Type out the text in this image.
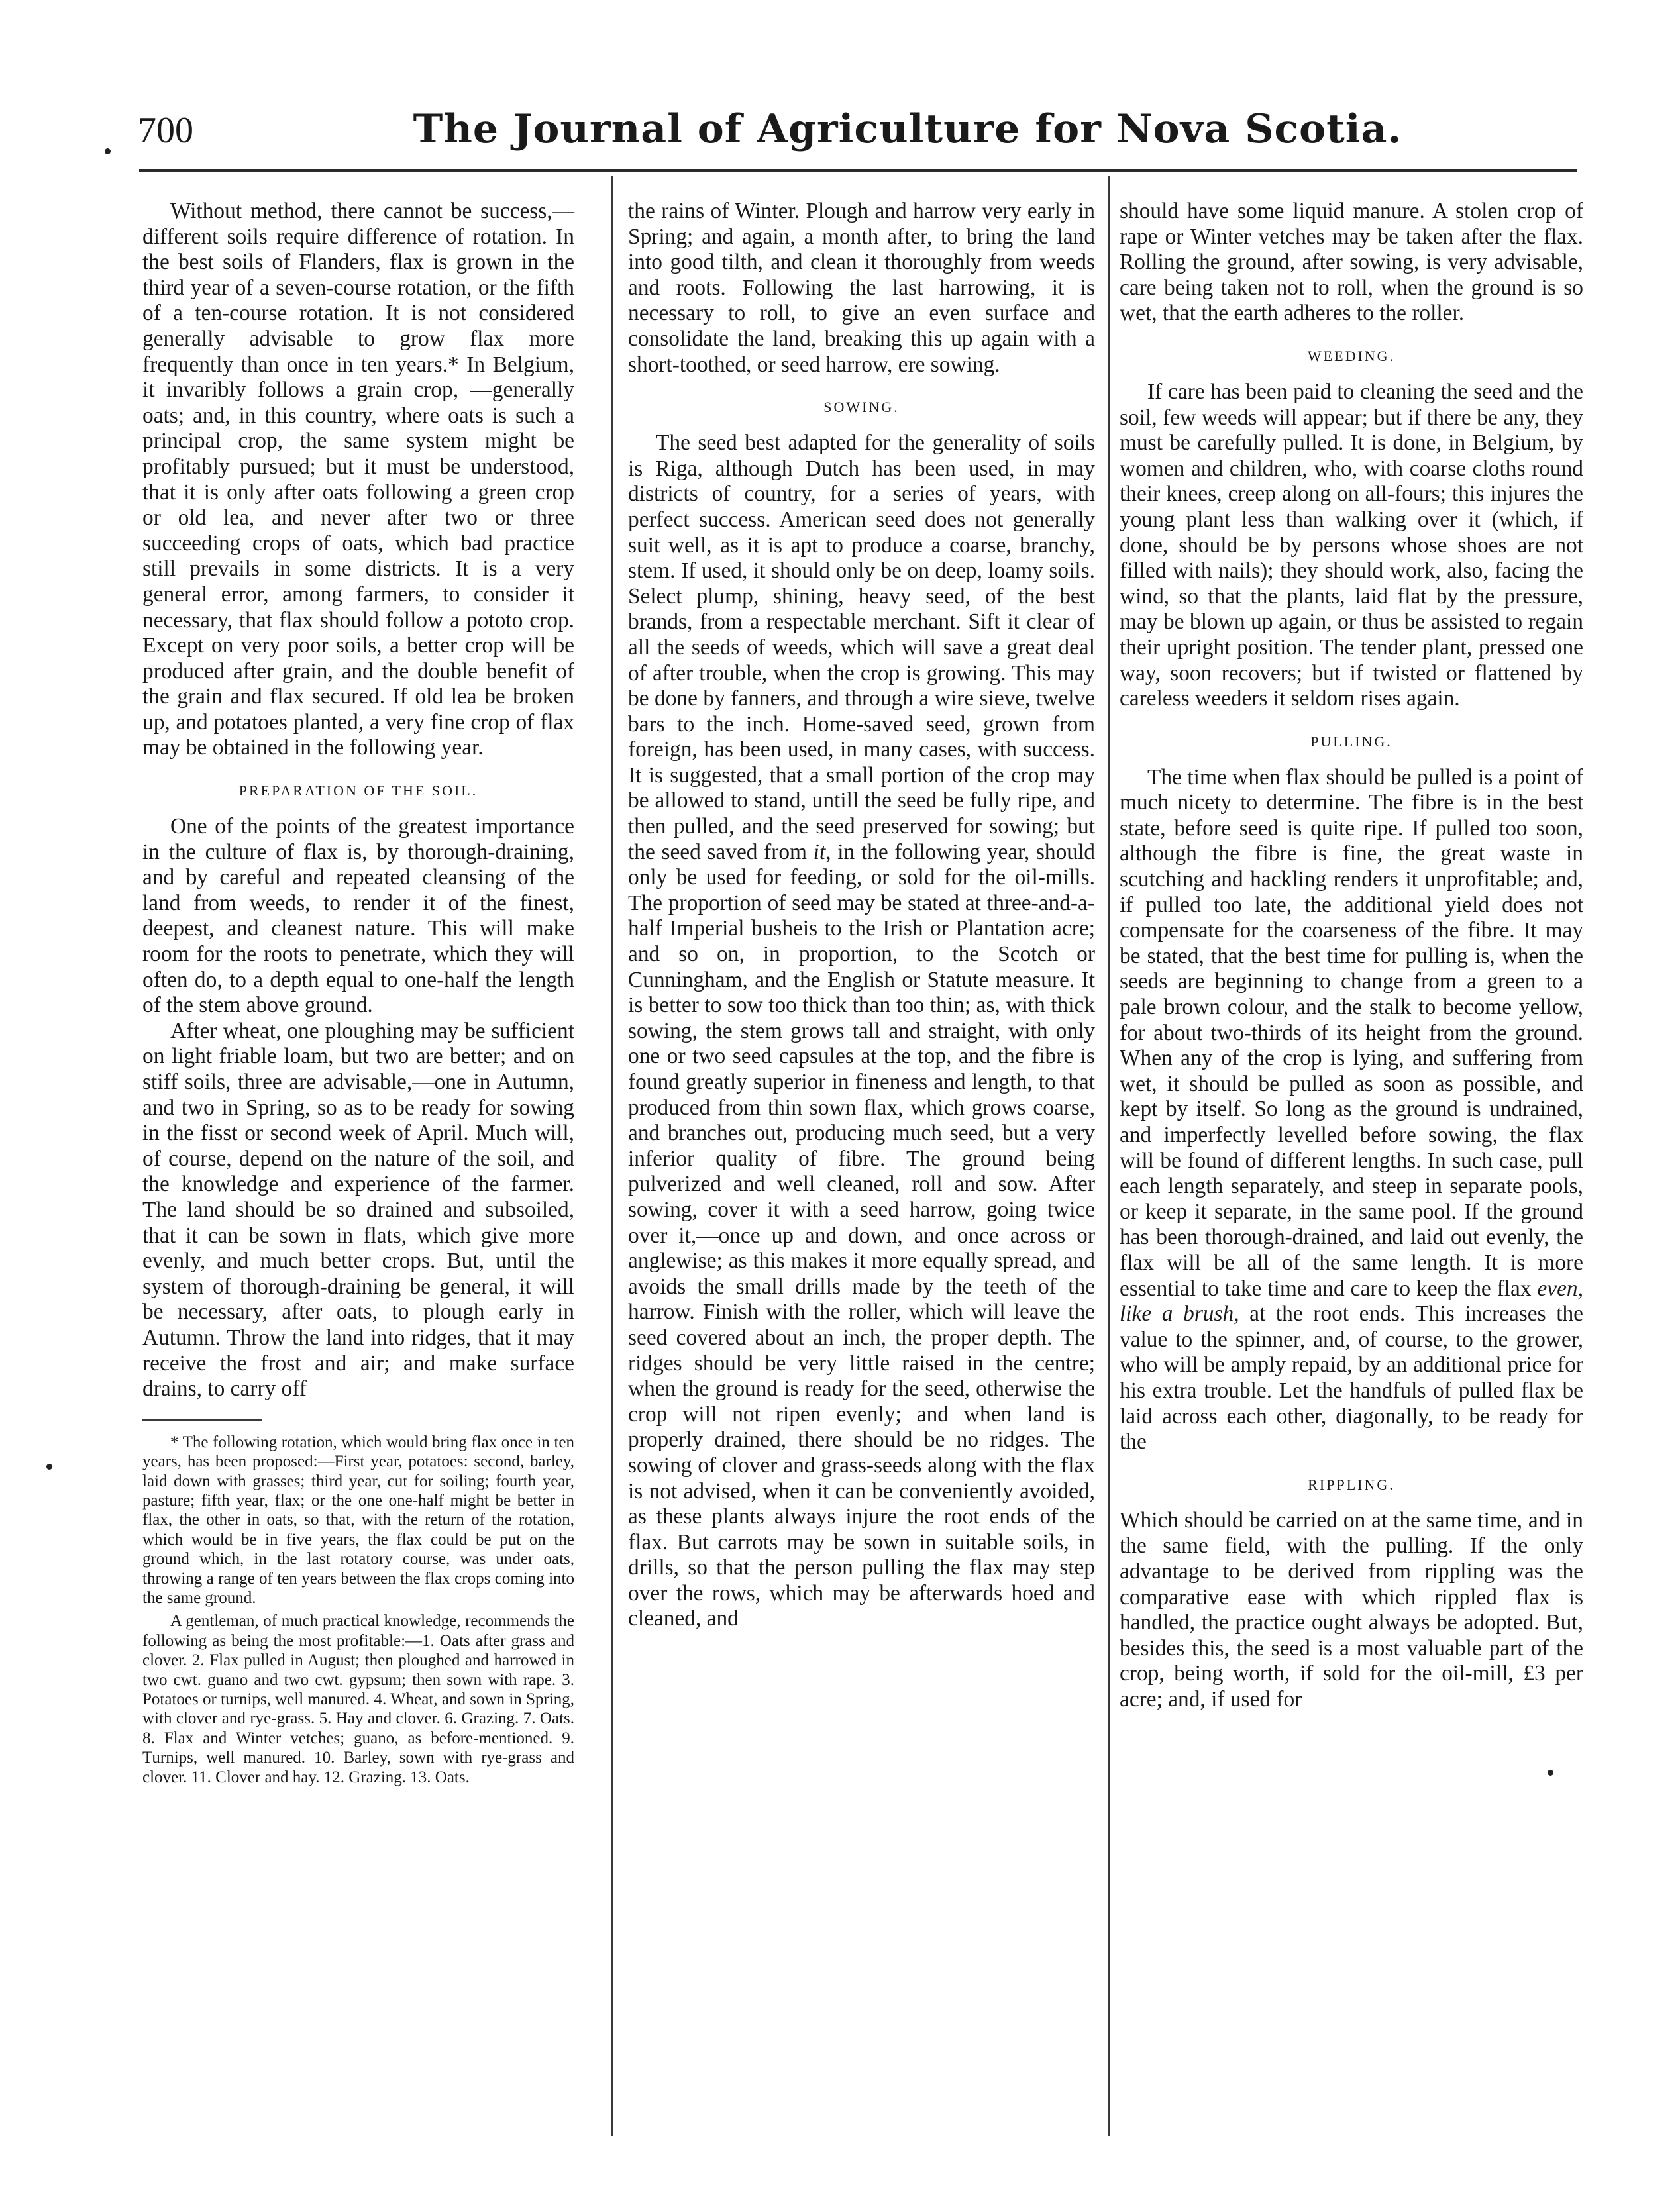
700	The Journal of Agriculture for Nova Scotia.

Without method, there cannot be success,—different soils require difference of rotation. In the best soils of Flanders, flax is grown in the third year of a seven-course rotation, or the fifth of a ten-course rotation. It is not considered generally advisable to grow flax more frequently than once in ten years.* In Belgium, it invaribly follows a grain crop, —generally oats; and, in this country, where oats is such a principal crop, the same system might be profitably pursued; but it must be understood, that it is only after oats following a green crop or old lea, and never after two or three succeeding crops of oats, which bad practice still prevails in some districts. It is a very general error, among farmers, to consider it necessary, that flax should follow a pototo crop. Except on very poor soils, a better crop will be produced after grain, and the double benefit of the grain and flax secured. If old lea be broken up, and potatoes planted, a very fine crop of flax may be obtained in the following year.

PREPARATION OF THE SOIL.

One of the points of the greatest importance in the culture of flax is, by thorough-draining, and by careful and repeated cleansing of the land from weeds, to render it of the finest, deepest, and cleanest nature. This will make room for the roots to penetrate, which they will often do, to a depth equal to one-half the length of the stem above ground.

After wheat, one ploughing may be sufficient on light friable loam, but two are better; and on stiff soils, three are advisable,—one in Autumn, and two in Spring, so as to be ready for sowing in the fisst or second week of April. Much will, of course, depend on the nature of the soil, and the knowledge and experience of the farmer. The land should be so drained and subsoiled, that it can be sown in flats, which give more evenly, and much better crops. But, until the system of thorough-draining be general, it will be necessary, after oats, to plough early in Autumn. Throw the land into ridges, that it may receive the frost and air; and make surface drains, to carry off

* The following rotation, which would bring flax once in ten years, has been proposed:—First year, potatoes: second, barley, laid down with grasses; third year, cut for soiling; fourth year, pasture; fifth year, flax; or the one one-half might be better in flax, the other in oats, so that, with the return of the rotation, which would be in five years, the flax could be put on the ground which, in the last rotatory course, was under oats, throwing a range of ten years between the flax crops coming into the same ground.

A gentleman, of much practical knowledge, recommends the following as being the most profitable:—1. Oats after grass and clover. 2. Flax pulled in August; then ploughed and harrowed in two cwt. guano and two cwt. gypsum; then sown with rape. 3. Potatoes or turnips, well manured. 4. Wheat, and sown in Spring, with clover and rye-grass. 5. Hay and clover. 6. Grazing. 7. Oats. 8. Flax and Winter vetches; guano, as before-mentioned. 9. Turnips, well manured. 10. Barley, sown with rye-grass and clover. 11. Clover and hay. 12. Grazing. 13. Oats.

the rains of Winter. Plough and harrow very early in Spring; and again, a month after, to bring the land into good tilth, and clean it thoroughly from weeds and roots. Following the last harrowing, it is necessary to roll, to give an even surface and consolidate the land, breaking this up again with a short-toothed, or seed harrow, ere sowing.

SOWING.

The seed best adapted for the generality of soils is Riga, although Dutch has been used, in may districts of country, for a series of years, with perfect success. American seed does not generally suit well, as it is apt to produce a coarse, branchy, stem. If used, it should only be on deep, loamy soils. Select plump, shining, heavy seed, of the best brands, from a respectable merchant. Sift it clear of all the seeds of weeds, which will save a great deal of after trouble, when the crop is growing. This may be done by fanners, and through a wire sieve, twelve bars to the inch. Home-saved seed, grown from foreign, has been used, in many cases, with success. It is suggested, that a small portion of the crop may be allowed to stand, untill the seed be fully ripe, and then pulled, and the seed preserved for sowing; but the seed saved from it, in the following year, should only be used for feeding, or sold for the oil-mills. The proportion of seed may be stated at three-and-a-half Imperial busheis to the Irish or Plantation acre; and so on, in proportion, to the Scotch or Cunningham, and the English or Statute measure. It is better to sow too thick than too thin; as, with thick sowing, the stem grows tall and straight, with only one or two seed capsules at the top, and the fibre is found greatly superior in fineness and length, to that produced from thin sown flax, which grows coarse, and branches out, producing much seed, but a very inferior quality of fibre. The ground being pulverized and well cleaned, roll and sow. After sowing, cover it with a seed harrow, going twice over it,—once up and down, and once across or anglewise; as this makes it more equally spread, and avoids the small drills made by the teeth of the harrow. Finish with the roller, which will leave the seed covered about an inch, the proper depth. The ridges should be very little raised in the centre; when the ground is ready for the seed, otherwise the crop will not ripen evenly; and when land is properly drained, there should be no ridges. The sowing of clover and grass-seeds along with the flax is not advised, when it can be conveniently avoided, as these plants always injure the root ends of the flax. But carrots may be sown in suitable soils, in drills, so that the person pulling the flax may step over the rows, which may be afterwards hoed and cleaned, and

should have some liquid manure. A stolen crop of rape or Winter vetches may be taken after the flax. Rolling the ground, after sowing, is very advisable, care being taken not to roll, when the ground is so wet, that the earth adheres to the roller.

WEEDING.

If care has been paid to cleaning the seed and the soil, few weeds will appear; but if there be any, they must be carefully pulled. It is done, in Belgium, by women and children, who, with coarse cloths round their knees, creep along on all-fours; this injures the young plant less than walking over it (which, if done, should be by persons whose shoes are not filled with nails); they should work, also, facing the wind, so that the plants, laid flat by the pressure, may be blown up again, or thus be assisted to regain their upright position. The tender plant, pressed one way, soon recovers; but if twisted or flattened by careless weeders it seldom rises again.

PULLING.

The time when flax should be pulled is a point of much nicety to determine. The fibre is in the best state, before seed is quite ripe. If pulled too soon, although the fibre is fine, the great waste in scutching and hackling renders it unprofitable; and, if pulled too late, the additional yield does not compensate for the coarseness of the fibre. It may be stated, that the best time for pulling is, when the seeds are beginning to change from a green to a pale brown colour, and the stalk to become yellow, for about two-thirds of its height from the ground. When any of the crop is lying, and suffering from wet, it should be pulled as soon as possible, and kept by itself. So long as the ground is undrained, and imperfectly levelled before sowing, the flax will be found of different lengths. In such case, pull each length separately, and steep in separate pools, or keep it separate, in the same pool. If the ground has been thorough-drained, and laid out evenly, the flax will be all of the same length. It is more essential to take time and care to keep the flax even, like a brush, at the root ends. This increases the value to the spinner, and, of course, to the grower, who will be amply repaid, by an additional price for his extra trouble. Let the handfuls of pulled flax be laid across each other, diagonally, to be ready for the

RIPPLING.

Which should be carried on at the same time, and in the same field, with the pulling. If the only advantage to be derived from rippling was the comparative ease with which rippled flax is handled, the practice ought always be adopted. But, besides this, the seed is a most valuable part of the crop, being worth, if sold for the oil-mill, £3 per acre; and, if used for
